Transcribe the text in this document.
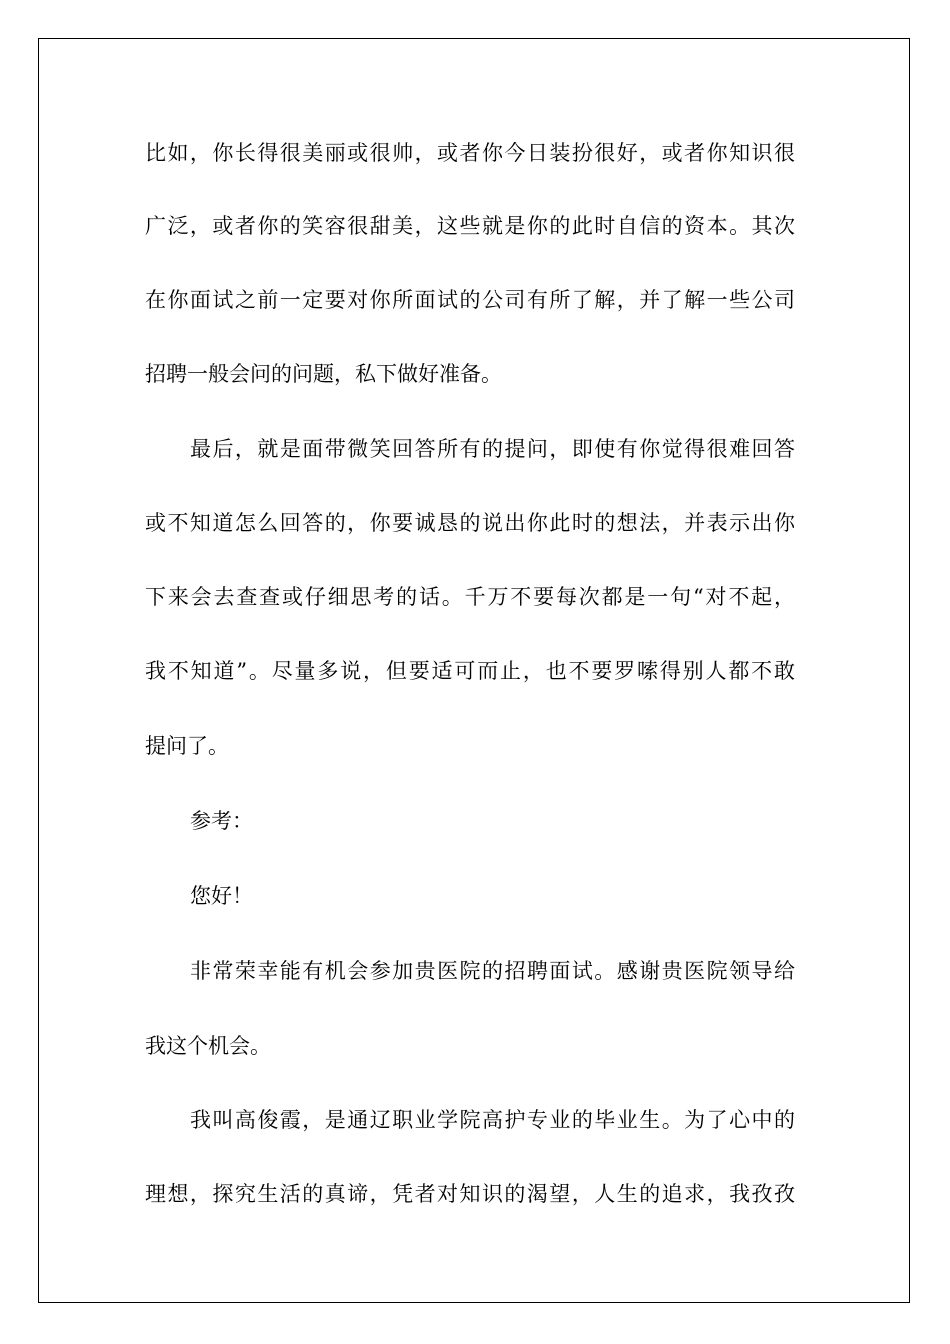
比如，你长得很美丽或很帅，或者你今日装扮很好，或者你知识很
广泛，或者你的笑容很甜美，这些就是你的此时自信的资本。其次
在你面试之前一定要对你所面试的公司有所了解，并了解一些公司
招聘一般会问的问题，私下做好准备。
最后，就是面带微笑回答所有的提问，即使有你觉得很难回答
或不知道怎么回答的，你要诚恳的说出你此时的想法，并表示出你
下来会去查查或仔细思考的话。千万不要每次都是一句“对不起，
我不知道”。尽量多说，但要适可而止，也不要罗嗦得别人都不敢
提问了。
参考：
您好！
非常荣幸能有机会参加贵医院的招聘面试。感谢贵医院领导给
我这个机会。
我叫高俊霞，是通辽职业学院高护专业的毕业生。为了心中的
理想，探究生活的真谛，凭者对知识的渴望，人生的追求，我孜孜
